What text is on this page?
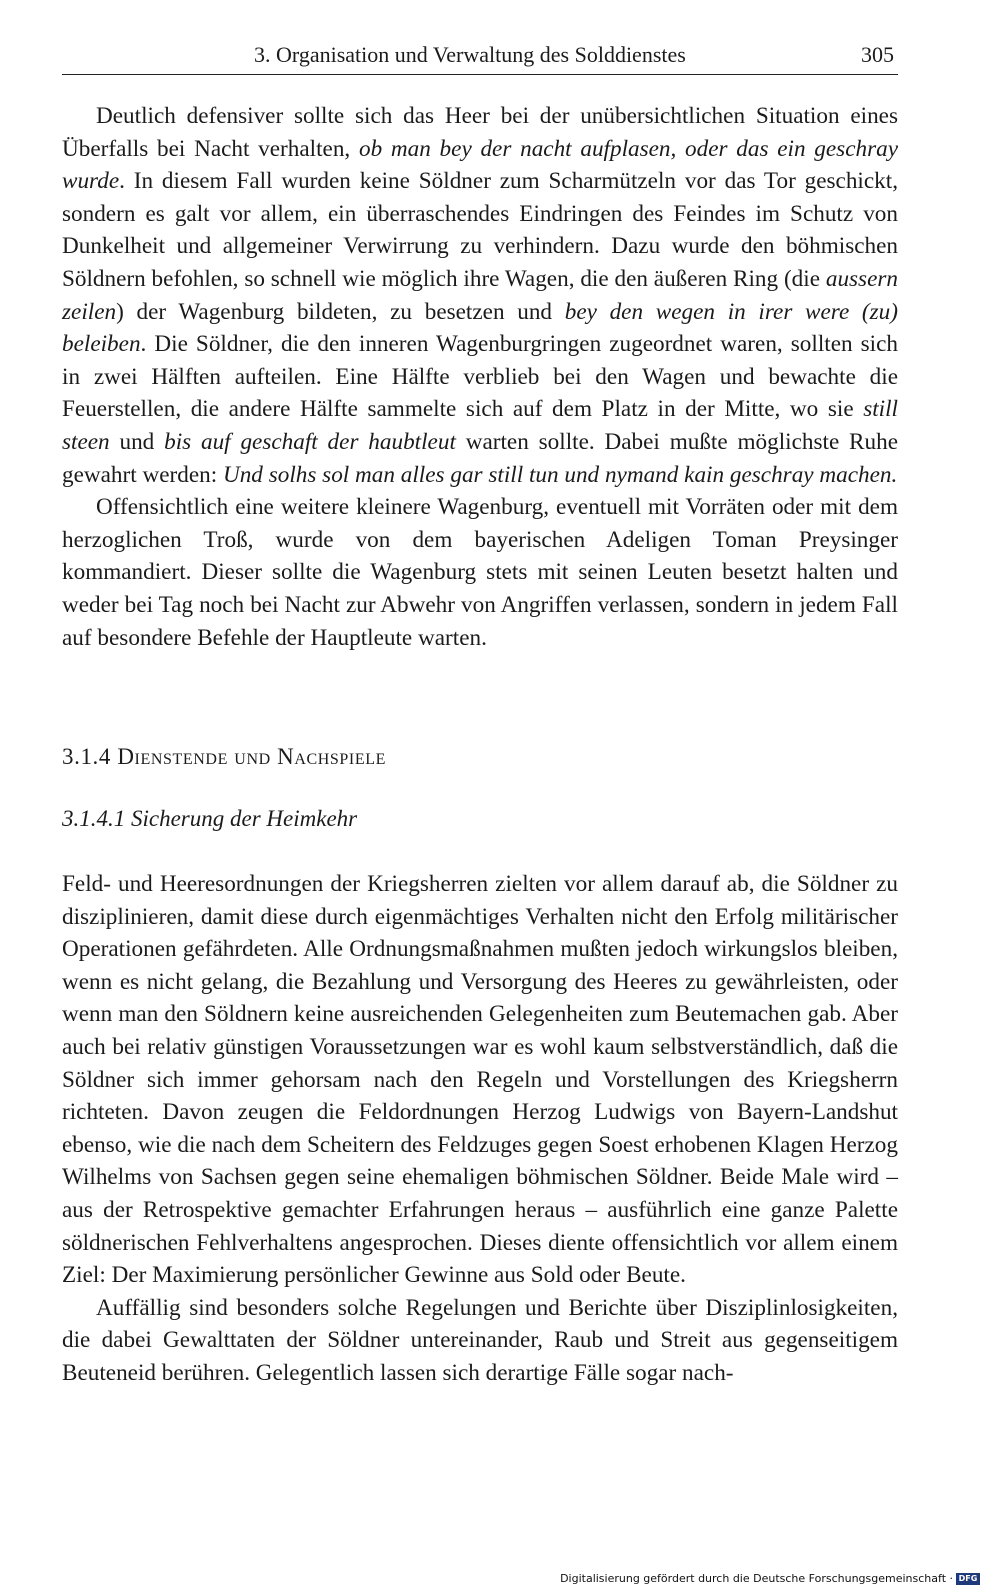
3. Organisation und Verwaltung des Solddienstes	305

Deutlich defensiver sollte sich das Heer bei der unübersichtlichen Situation eines Überfalls bei Nacht verhalten, ob man bey der nacht aufplasen, oder das ein geschray wurde. In diesem Fall wurden keine Söldner zum Scharmützeln vor das Tor geschickt, sondern es galt vor allem, ein überraschendes Eindringen des Feindes im Schutz von Dunkelheit und allgemeiner Verwirrung zu verhindern. Dazu wurde den böhmischen Söldnern befohlen, so schnell wie möglich ihre Wagen, die den äußeren Ring (die aussern zeilen) der Wagenburg bildeten, zu besetzen und bey den wegen in irer were (zu) beleiben. Die Söldner, die den inneren Wagenburgringen zugeordnet waren, sollten sich in zwei Hälften aufteilen. Eine Hälfte verblieb bei den Wagen und bewachte die Feuerstellen, die andere Hälfte sammelte sich auf dem Platz in der Mitte, wo sie still steen und bis auf geschaft der haubtleut warten sollte. Dabei mußte möglichste Ruhe gewahrt werden: Und solhs sol man alles gar still tun und nymand kain geschray machen.

Offensichtlich eine weitere kleinere Wagenburg, eventuell mit Vorräten oder mit dem herzoglichen Troß, wurde von dem bayerischen Adeligen Toman Preysinger kommandiert. Dieser sollte die Wagenburg stets mit seinen Leuten besetzt halten und weder bei Tag noch bei Nacht zur Abwehr von Angriffen verlassen, sondern in jedem Fall auf besondere Befehle der Hauptleute warten.

3.1.4 Dienstende und Nachspiele
3.1.4.1 Sicherung der Heimkehr

Feld- und Heeresordnungen der Kriegsherren zielten vor allem darauf ab, die Söldner zu disziplinieren, damit diese durch eigenmächtiges Verhalten nicht den Erfolg militärischer Operationen gefährdeten. Alle Ordnungsmaßnahmen mußten jedoch wirkungslos bleiben, wenn es nicht gelang, die Bezahlung und Versorgung des Heeres zu gewährleisten, oder wenn man den Söldnern keine ausreichenden Gelegenheiten zum Beutemachen gab. Aber auch bei relativ günstigen Voraussetzungen war es wohl kaum selbstverständlich, daß die Söldner sich immer gehorsam nach den Regeln und Vorstellungen des Kriegsherrn richteten. Davon zeugen die Feldordnungen Herzog Ludwigs von Bayern-Landshut ebenso, wie die nach dem Scheitern des Feldzuges gegen Soest erhobenen Klagen Herzog Wilhelms von Sachsen gegen seine ehemaligen böhmischen Söldner. Beide Male wird – aus der Retrospektive gemachter Erfahrungen heraus – ausführlich eine ganze Palette söldnerischen Fehlverhaltens angesprochen. Dieses diente offensichtlich vor allem einem Ziel: Der Maximierung persönlicher Gewinne aus Sold oder Beute.

Auffällig sind besonders solche Regelungen und Berichte über Disziplinlosigkeiten, die dabei Gewalttaten der Söldner untereinander, Raub und Streit aus gegenseitigem Beuteneid berühren. Gelegentlich lassen sich derartige Fälle sogar nach-

Digitalisierung gefördert durch die Deutsche Forschungsgemeinschaft · DFG
